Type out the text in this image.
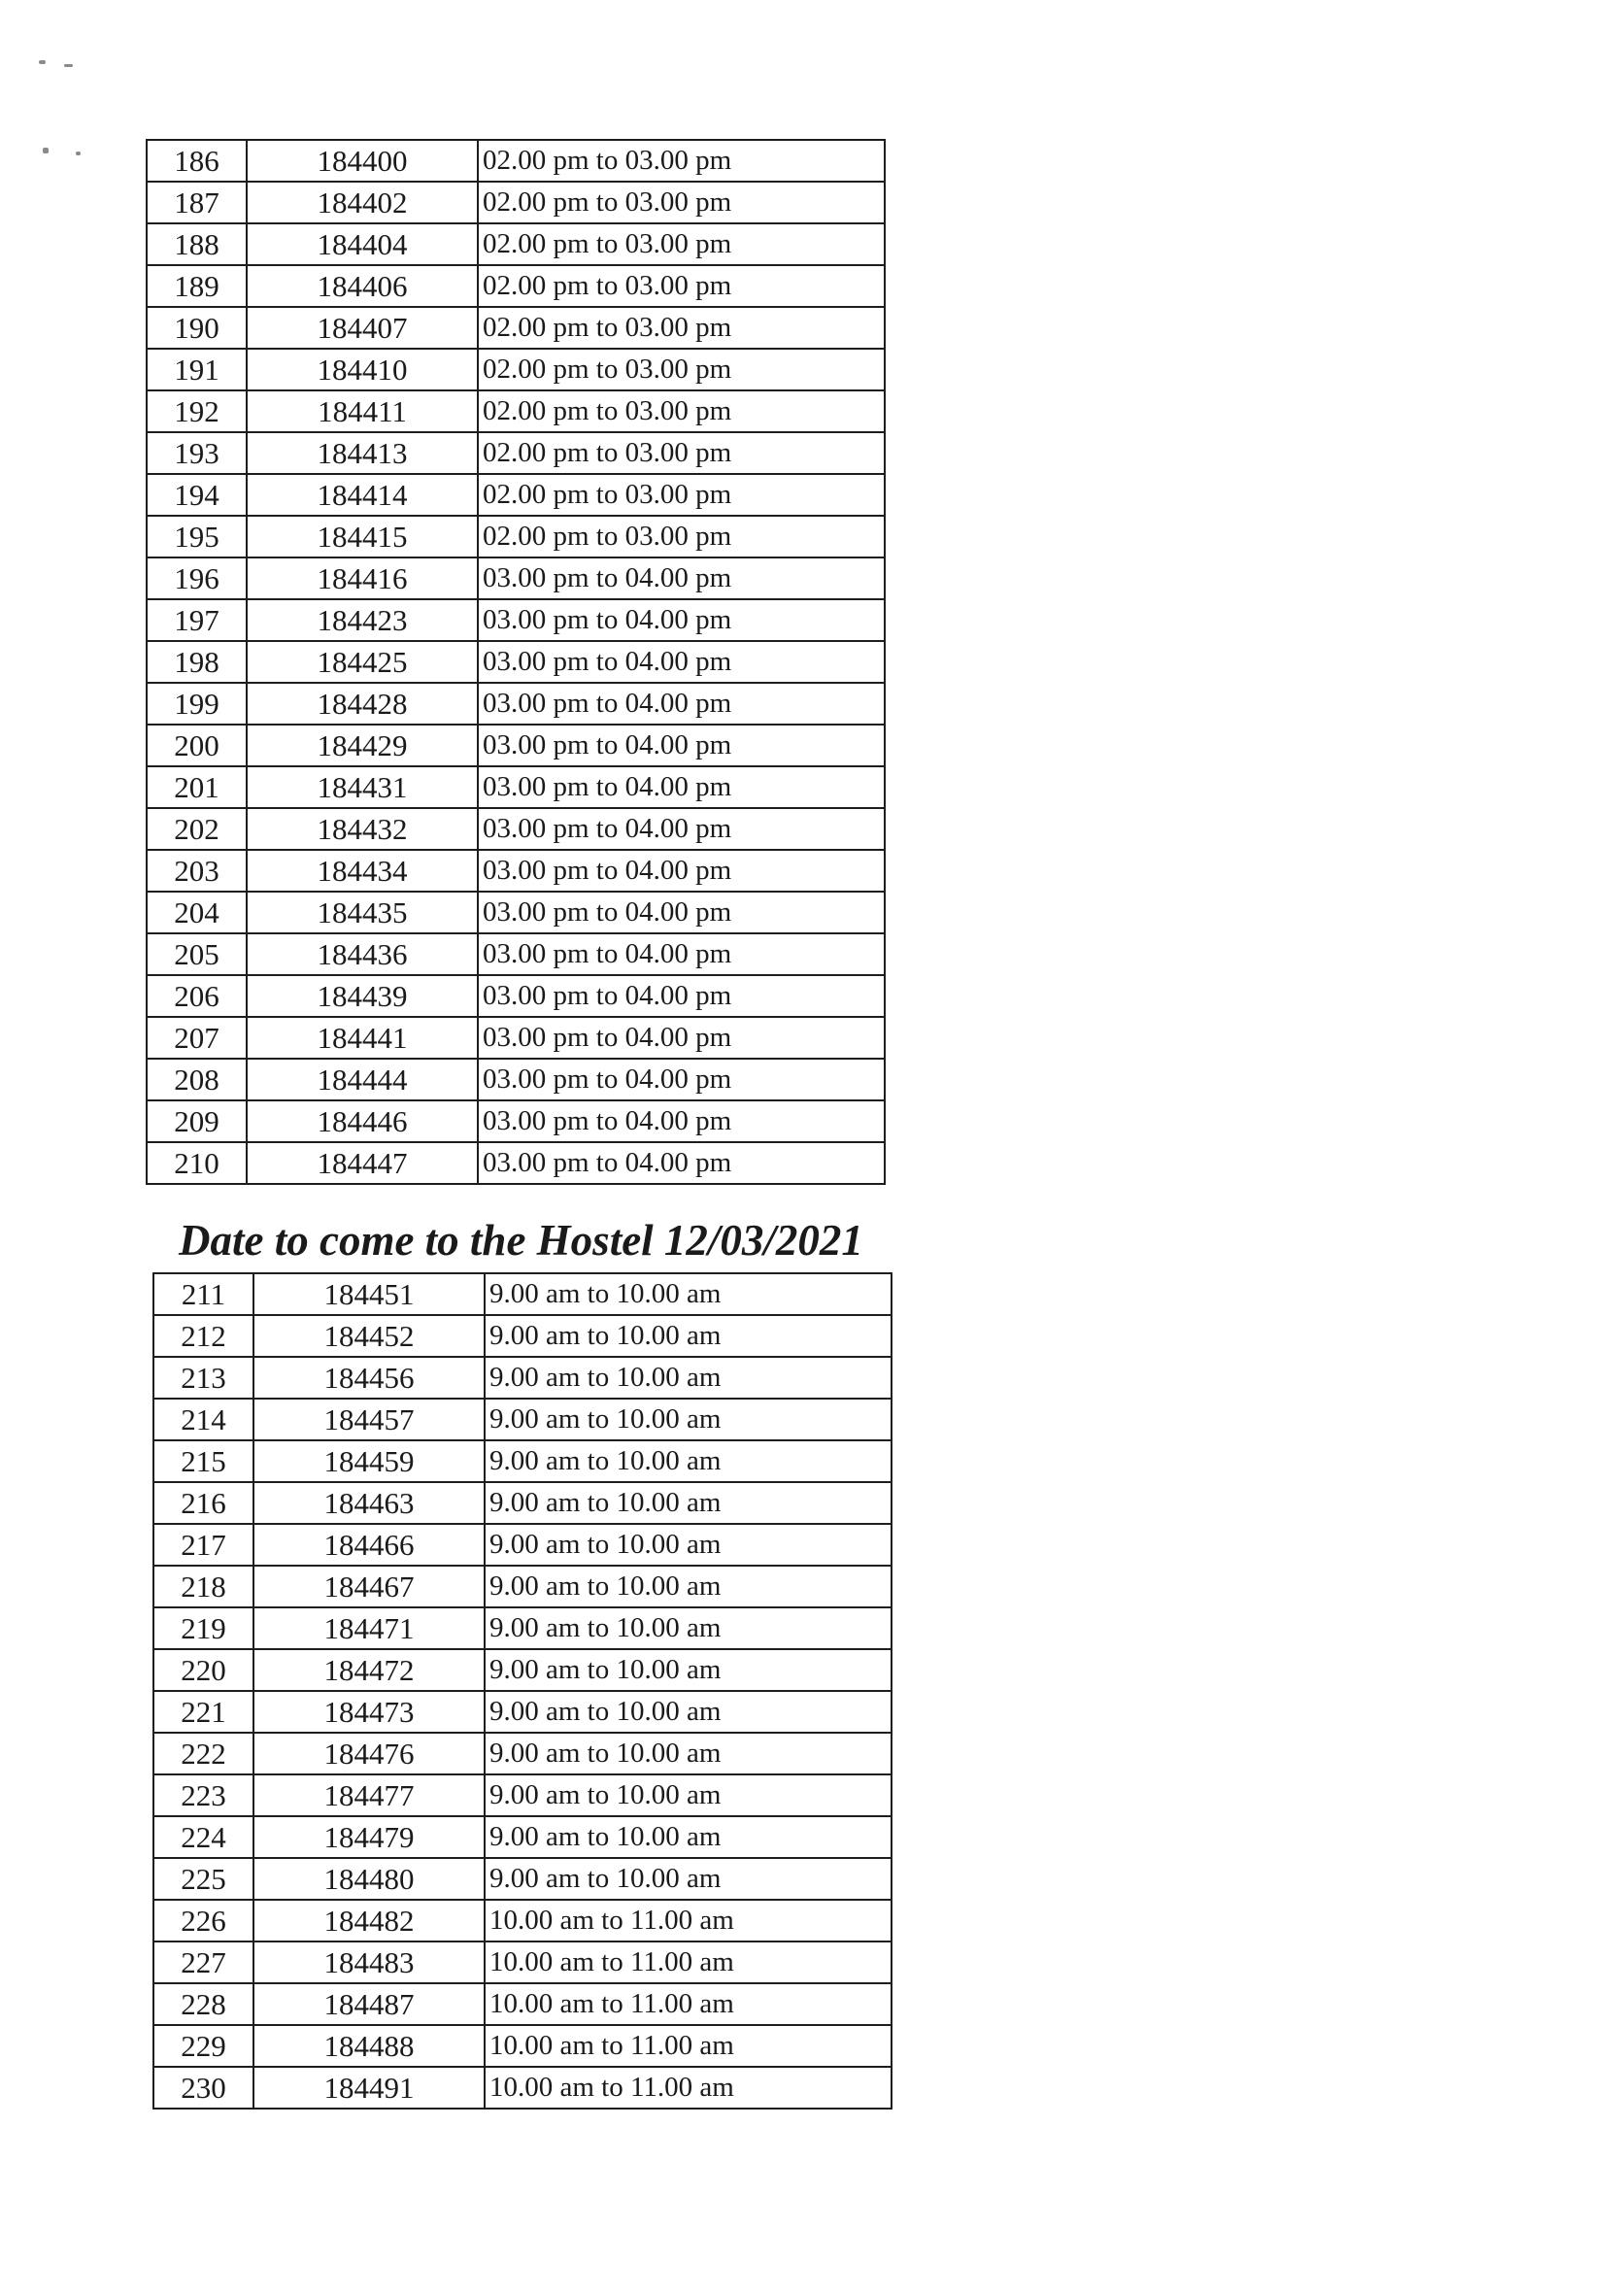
186	184400	02.00 pm to 03.00 pm
187	184402	02.00 pm to 03.00 pm
188	184404	02.00 pm to 03.00 pm
189	184406	02.00 pm to 03.00 pm
190	184407	02.00 pm to 03.00 pm
191	184410	02.00 pm to 03.00 pm
192	184411	02.00 pm to 03.00 pm
193	184413	02.00 pm to 03.00 pm
194	184414	02.00 pm to 03.00 pm
195	184415	02.00 pm to 03.00 pm
196	184416	03.00 pm to 04.00 pm
197	184423	03.00 pm to 04.00 pm
198	184425	03.00 pm to 04.00 pm
199	184428	03.00 pm to 04.00 pm
200	184429	03.00 pm to 04.00 pm
201	184431	03.00 pm to 04.00 pm
202	184432	03.00 pm to 04.00 pm
203	184434	03.00 pm to 04.00 pm
204	184435	03.00 pm to 04.00 pm
205	184436	03.00 pm to 04.00 pm
206	184439	03.00 pm to 04.00 pm
207	184441	03.00 pm to 04.00 pm
208	184444	03.00 pm to 04.00 pm
209	184446	03.00 pm to 04.00 pm
210	184447	03.00 pm to 04.00 pm
Date to come to the Hostel 12/03/2021
211	184451	9.00 am to 10.00 am
212	184452	9.00 am to 10.00 am
213	184456	9.00 am to 10.00 am
214	184457	9.00 am to 10.00 am
215	184459	9.00 am to 10.00 am
216	184463	9.00 am to 10.00 am
217	184466	9.00 am to 10.00 am
218	184467	9.00 am to 10.00 am
219	184471	9.00 am to 10.00 am
220	184472	9.00 am to 10.00 am
221	184473	9.00 am to 10.00 am
222	184476	9.00 am to 10.00 am
223	184477	9.00 am to 10.00 am
224	184479	9.00 am to 10.00 am
225	184480	9.00 am to 10.00 am
226	184482	10.00 am to 11.00 am
227	184483	10.00 am to 11.00 am
228	184487	10.00 am to 11.00 am
229	184488	10.00 am to 11.00 am
230	184491	10.00 am to 11.00 am
